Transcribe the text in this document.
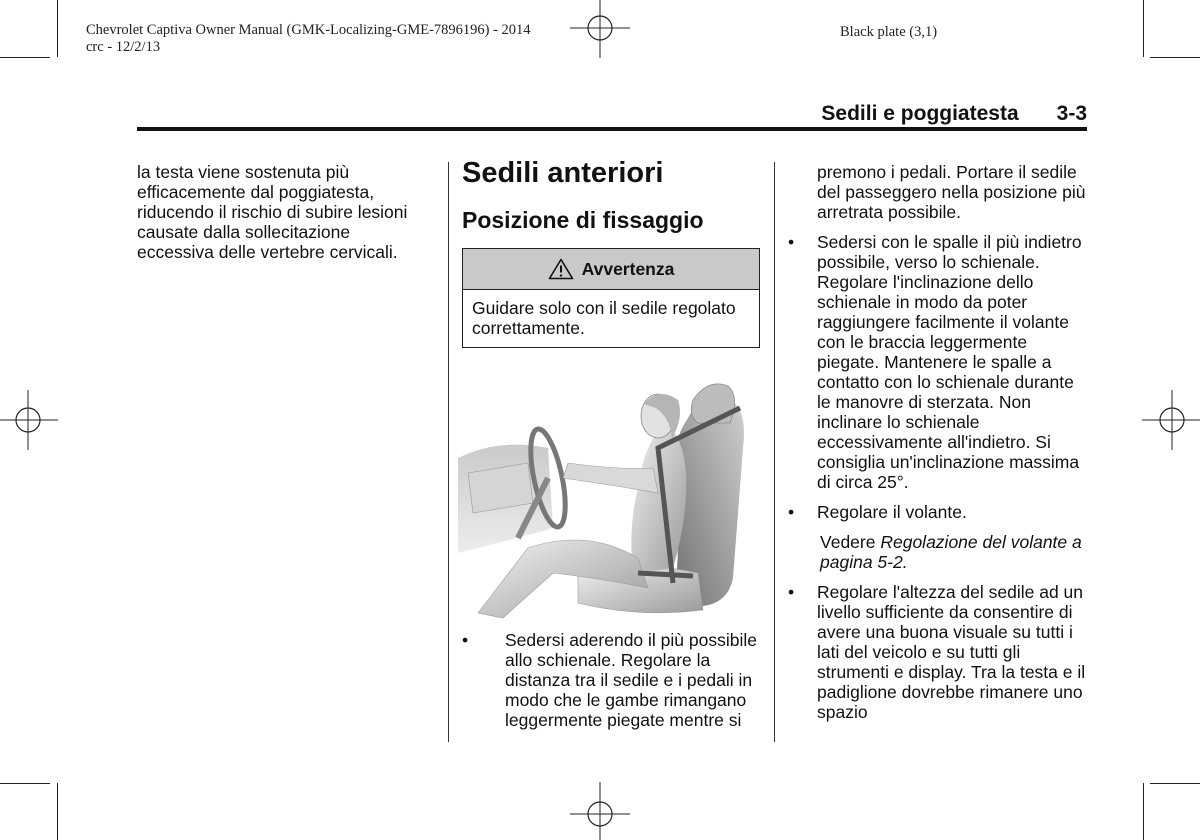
Chevrolet Captiva Owner Manual (GMK-Localizing-GME-7896196) - 2014
crc - 12/2/13
Black plate (3,1)
Sedili e poggiatesta 3-3

la testa viene sostenuta più efficacemente dal poggiatesta, riducendo il rischio di subire lesioni causate dalla sollecitazione eccessiva delle vertebre cervicali.

Sedili anteriori
Posizione di fissaggio
Avvertenza
Guidare solo con il sedile regolato correttamente.

• Sedersi aderendo il più possibile allo schienale. Regolare la distanza tra il sedile e i pedali in modo che le gambe rimangano leggermente piegate mentre si

premono i pedali. Portare il sedile del passeggero nella posizione più arretrata possibile.

• Sedersi con le spalle il più indietro possibile, verso lo schienale. Regolare l'inclinazione dello schienale in modo da poter raggiungere facilmente il volante con le braccia leggermente piegate. Mantenere le spalle a contatto con lo schienale durante le manovre di sterzata. Non inclinare lo schienale eccessivamente all'indietro. Si consiglia un'inclinazione massima di circa 25°.

• Regolare il volante.

Vedere Regolazione del volante a pagina 5-2.

• Regolare l'altezza del sedile ad un livello sufficiente da consentire di avere una buona visuale su tutti i lati del veicolo e su tutti gli strumenti e display. Tra la testa e il padiglione dovrebbe rimanere uno spazio
